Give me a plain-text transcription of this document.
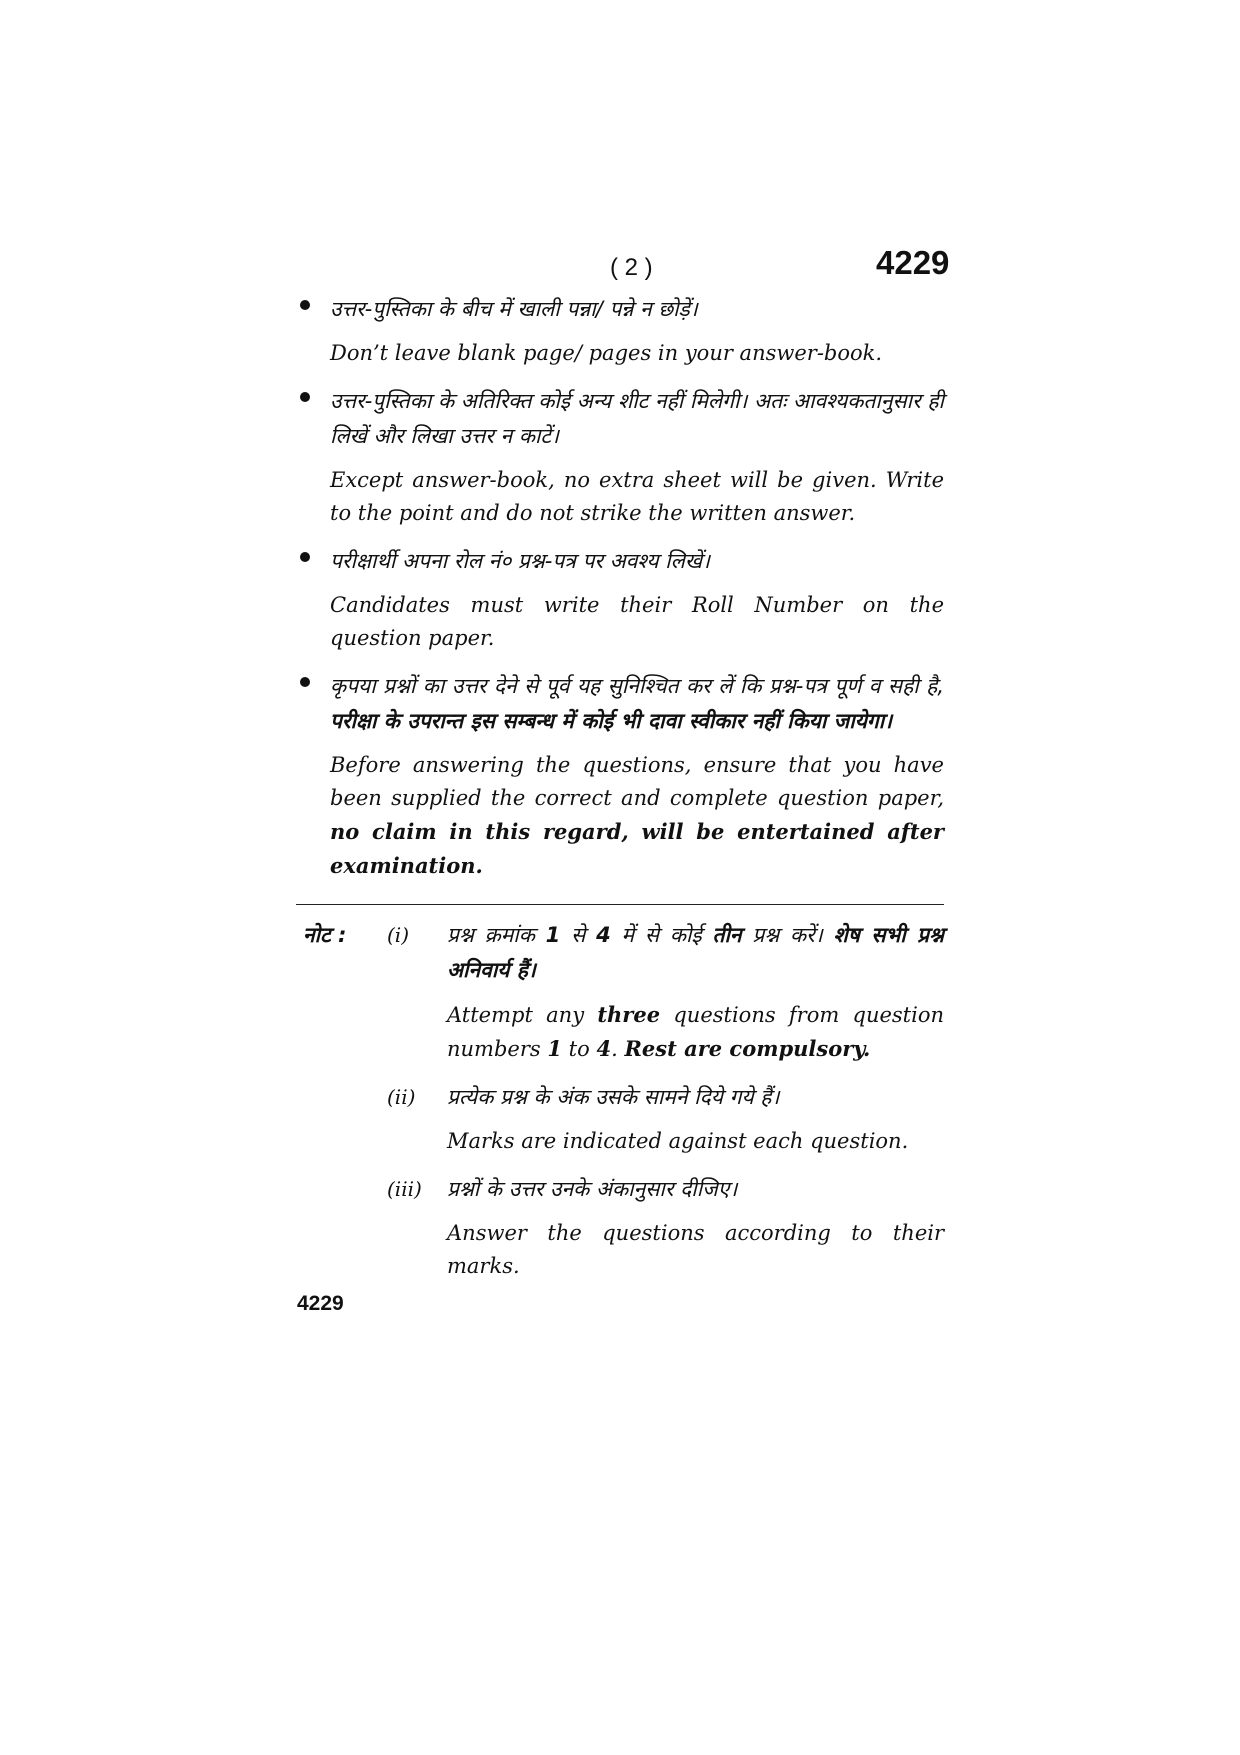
( 2 )	4229
उत्तर-पुस्तिका के बीच में खाली पन्ना/ पन्ने न छोड़ें।
Don’t leave blank page/ pages in your answer-book.
उत्तर-पुस्तिका के अतिरिक्त कोई अन्य शीट नहीं मिलेगी। अतः आवश्यकतानुसार ही लिखें और लिखा उत्तर न काटें।
Except answer-book, no extra sheet will be given. Write to the point and do not strike the written answer.
परीक्षार्थी अपना रोल नं० प्रश्न-पत्र पर अवश्य लिखें।
Candidates must write their Roll Number on the question paper.
कृपया प्रश्नों का उत्तर देने से पूर्व यह सुनिश्चित कर लें कि प्रश्न-पत्र पूर्ण व सही है, परीक्षा के उपरान्त इस सम्बन्ध में कोई भी दावा स्वीकार नहीं किया जायेगा।
Before answering the questions, ensure that you have been supplied the correct and complete question paper, no claim in this regard, will be entertained after examination.
नोट : (i) प्रश्न क्रमांक 1 से 4 में से कोई तीन प्रश्न करें। शेष सभी प्रश्न अनिवार्य हैं।
Attempt any three questions from question numbers 1 to 4. Rest are compulsory.
(ii) प्रत्येक प्रश्न के अंक उसके सामने दिये गये हैं।
Marks are indicated against each question.
(iii) प्रश्नों के उत्तर उनके अंकानुसार दीजिए।
Answer the questions according to their marks.
4229
